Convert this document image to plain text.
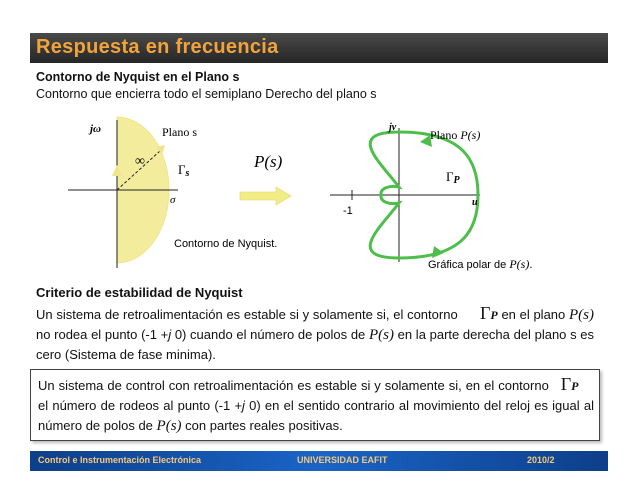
Respuesta en frecuencia
Contorno de Nyquist en el Plano s
Contorno que encierra todo el semiplano Derecho del plano s
jω	Plano s
∞
Γs
σ
Contorno de Nyquist.
P(s)
jv
Plano P(s)
ΓP
u
-1
Gráfica polar de P(s).
Criterio de estabilidad de Nyquist
Un sistema de retroalimentación es estable si y solamente si, el contorno ΓP en el plano P(s) no rodea el punto (-1 +j 0) cuando el número de polos de P(s) en la parte derecha del plano s es cero (Sistema de fase minima).
Un sistema de control con retroalimentación es estable si y solamente si, en el contorno ΓP     el número de rodeos al punto (-1 +j 0) en el sentido contrario al movimiento del reloj es igual al número de polos de P(s) con partes reales positivas.
Control e Instrumentación Electrónica	UNIVERSIDAD EAFIT	2010/2
